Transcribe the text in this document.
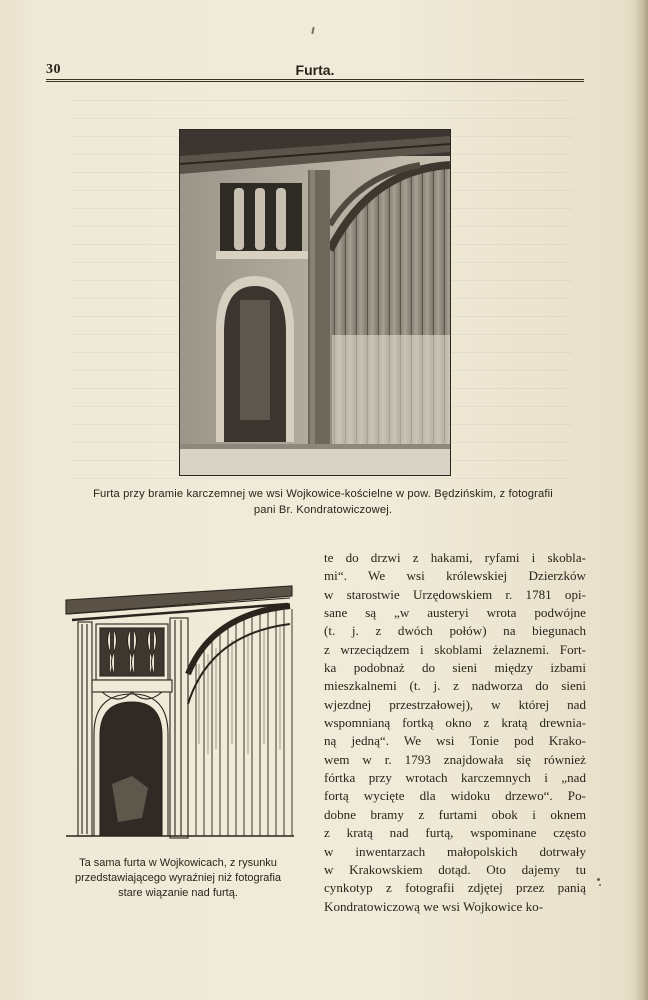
30	Furta.
Furta przy bramie karczemnej we wsi Wojkowice-kościelne w pow. Będzińskim, z fotografii
pani Br. Kondratowiczowej.
Ta sama furta w Wojkowicach, z rysunku
przedstawiającego wyraźniej niż fotografia
stare wiązanie nad furtą.
te do drzwi z hakami, ryfami i skobla-
mi“. We wsi królewskiej Dzierzków
w starostwie Urzędowskiem r. 1781 opi-
sane są „w austeryi wrota podwójne
(t. j. z dwóch połów) na biegunach
z wrzeciądzem i skoblami żelaznemi. Fort-
ka podobnaż do sieni między izbami
mieszkalnemi (t. j. z nadworza do sieni
wjezdnej przestrzałowej), w której nad
wspomnianą fortką okno z kratą drewnia-
ną jedną“. We wsi Tonie pod Krako-
wem w r. 1793 znajdowała się również
fórtka przy wrotach karczemnych i „nad
fortą wycięte dla widoku drzewo“. Po-
dobne bramy z furtami obok i oknem
z kratą nad furtą, wspominane często
w inwentarzach małopolskich dotrwały
w Krakowskiem dotąd. Oto dajemy tu
cynkotyp z fotografii zdjętej przez panią
Kondratowiczową we wsi Wojkowice ko-
